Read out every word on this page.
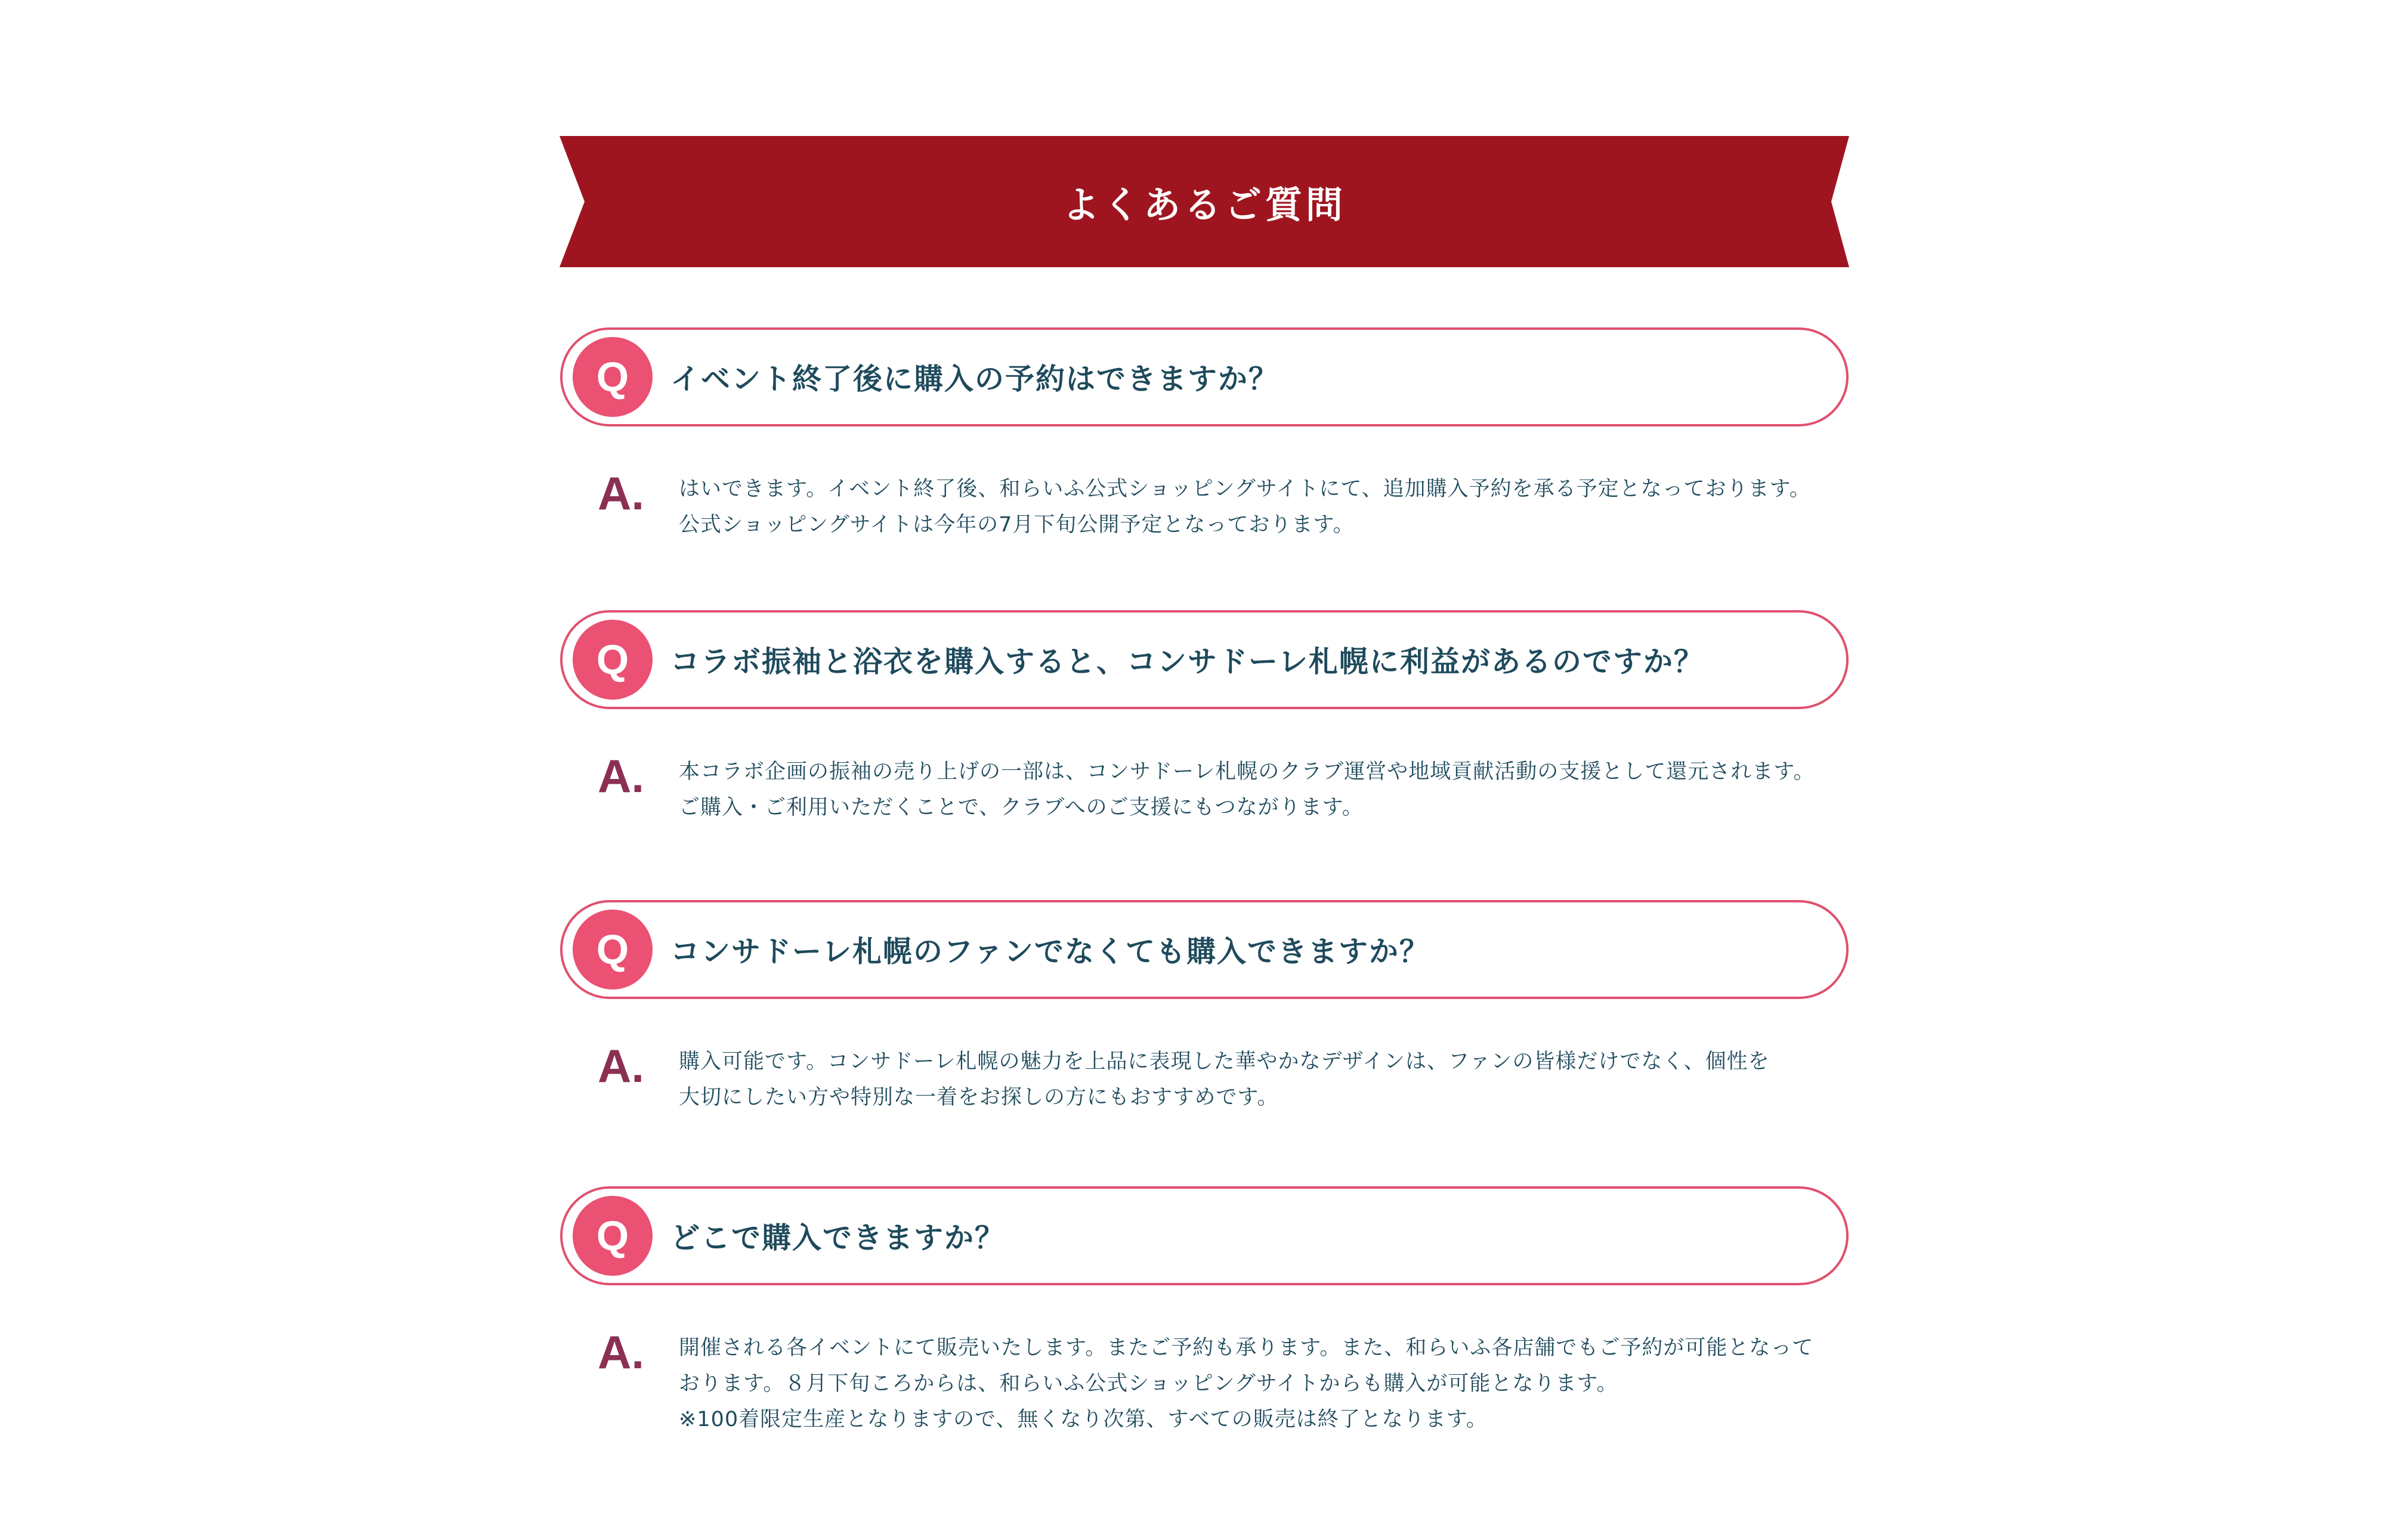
よくあるご質問
Q	イベント終了後に購入の予約はできますか？
A.	はいできます。イベント終了後、和らいふ公式ショッピングサイトにて、追加購入予約を承る予定となっております。
公式ショッピングサイトは今年の7月下旬公開予定となっております。
Q	コラボ振袖と浴衣を購入すると、コンサドーレ札幌に利益があるのですか？
A.	本コラボ企画の振袖の売り上げの一部は、コンサドーレ札幌のクラブ運営や地域貢献活動の支援として還元されます。
ご購入・ご利用いただくことで、クラブへのご支援にもつながります。
Q	コンサドーレ札幌のファンでなくても購入できますか？
A.	購入可能です。コンサドーレ札幌の魅力を上品に表現した華やかなデザインは、ファンの皆様だけでなく、個性を
大切にしたい方や特別な一着をお探しの方にもおすすめです。
Q	どこで購入できますか？
A.	開催される各イベントにて販売いたします。またご予約も承ります。また、和らいふ各店舗でもご予約が可能となって
おります。８月下旬ころからは、和らいふ公式ショッピングサイトからも購入が可能となります。
※100着限定生産となりますので、無くなり次第、すべての販売は終了となります。
